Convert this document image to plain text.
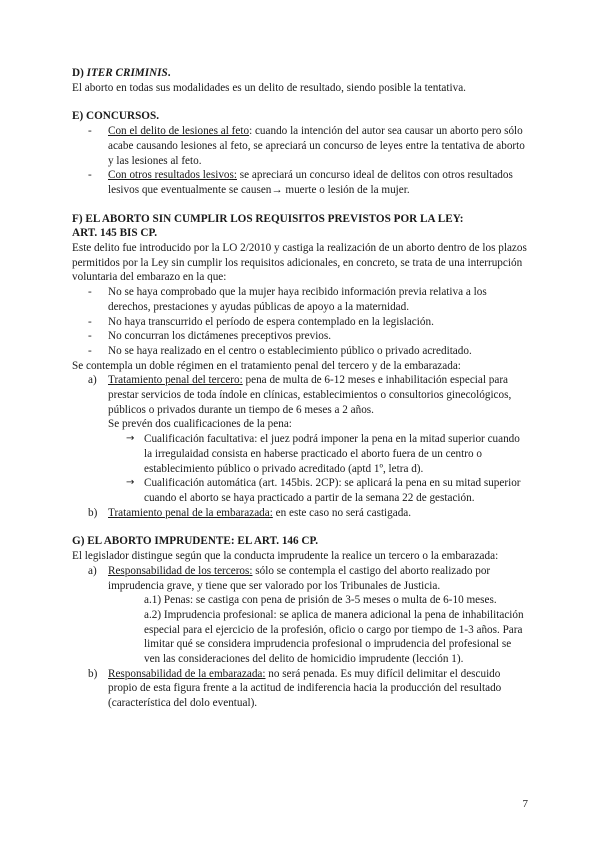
D) ITER CRIMINIS.

El aborto en todas sus modalidades es un delito de resultado, siendo posible la tentativa.

E) CONCURSOS.

- Con el delito de lesiones al feto: cuando la intención del autor sea causar un aborto pero sólo acabe causando lesiones al feto, se apreciará un concurso de leyes entre la tentativa de aborto y las lesiones al feto.
- Con otros resultados lesivos: se apreciará un concurso ideal de delitos con otros resultados lesivos que eventualmente se causen→ muerte o lesión de la mujer.

F) EL ABORTO SIN CUMPLIR LOS REQUISITOS PREVISTOS POR LA LEY:
ART. 145 BIS CP.

Este delito fue introducido por la LO 2/2010 y castiga la realización de un aborto dentro de los plazos permitidos por la Ley sin cumplir los requisitos adicionales, en concreto, se trata de una interrupción voluntaria del embarazo en la que:

- No se haya comprobado que la mujer haya recibido información previa relativa a los derechos, prestaciones y ayudas públicas de apoyo a la maternidad.
- No haya transcurrido el período de espera contemplado en la legislación.
- No concurran los dictámenes preceptivos previos.
- No se haya realizado en el centro o establecimiento público o privado acreditado.

Se contempla un doble régimen en el tratamiento penal del tercero y de la embarazada:

a) Tratamiento penal del tercero: pena de multa de 6-12 meses e inhabilitación especial para prestar servicios de toda índole en clínicas, establecimientos o consultorios ginecológicos, públicos o privados durante un tiempo de 6 meses a 2 años.
Se prevén dos cualificaciones de la pena:
→ Cualificación facultativa: el juez podrá imponer la pena en la mitad superior cuando la irregulaidad consista en haberse practicado el aborto fuera de un centro o establecimiento público o privado acreditado (aptd 1º, letra d).
→ Cualificación automática (art. 145bis. 2CP): se aplicará la pena en su mitad superior cuando el aborto se haya practicado a partir de la semana 22 de gestación.
b) Tratamiento penal de la embarazada: en este caso no será castigada.

G) EL ABORTO IMPRUDENTE: EL ART. 146 CP.

El legislador distingue según que la conducta imprudente la realice un tercero o la embarazada:

a) Responsabilidad de los terceros: sólo se contempla el castigo del aborto realizado por imprudencia grave, y tiene que ser valorado por los Tribunales de Justicia.
a.1) Penas: se castiga con pena de prisión de 3-5 meses o multa de 6-10 meses.
a.2) Imprudencia profesional: se aplica de manera adicional la pena de inhabilitación especial para el ejercicio de la profesión, oficio o cargo por tiempo de 1-3 años. Para limitar qué se considera imprudencia profesional o imprudencia del profesional se ven las consideraciones del delito de homicidio imprudente (lección 1).
b) Responsabilidad de la embarazada: no será penada. Es muy difícil delimitar el descuido propio de esta figura frente a la actitud de indiferencia hacia la producción del resultado (característica del dolo eventual).
7
